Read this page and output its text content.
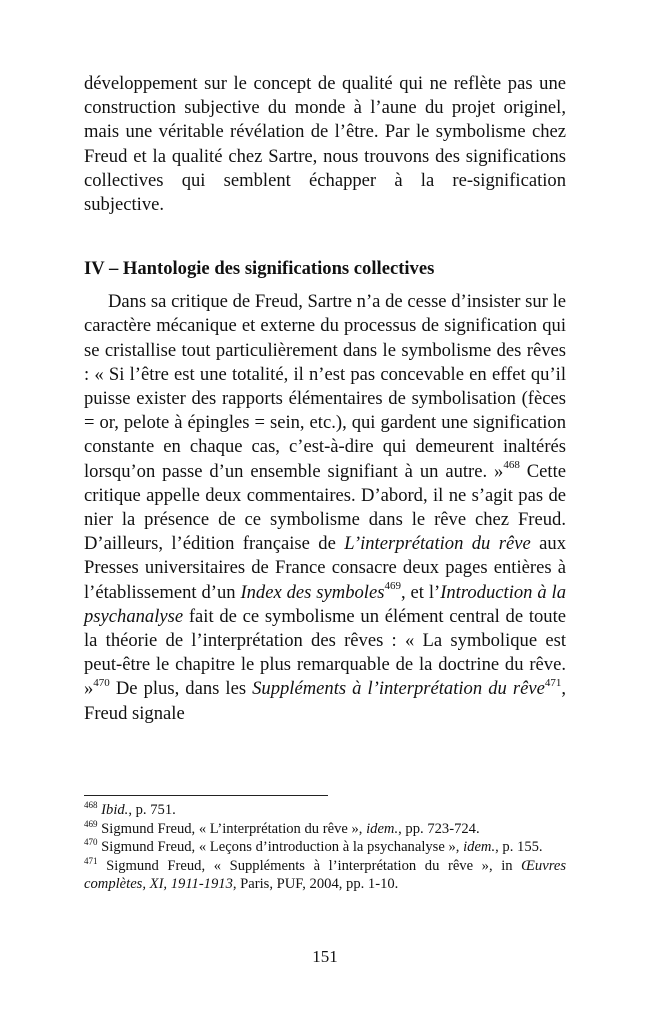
développement sur le concept de qualité qui ne reflète pas une construction subjective du monde à l’aune du projet originel, mais une véritable révélation de l’être. Par le symbolisme chez Freud et la qualité chez Sartre, nous trouvons des significations collectives qui semblent échapper à la re-signification subjective.

IV – Hantologie des significations collectives

Dans sa critique de Freud, Sartre n’a de cesse d’insister sur le caractère mécanique et externe du processus de signification qui se cristallise tout particulièrement dans le symbolisme des rêves : « Si l’être est une totalité, il n’est pas concevable en effet qu’il puisse exister des rapports élémentaires de symbolisation (fèces = or, pelote à épingles = sein, etc.), qui gardent une signification constante en chaque cas, c’est-à-dire qui demeurent inaltérés lorsqu’on passe d’un ensemble signifiant à un autre. »$^{468}$ Cette critique appelle deux commentaires. D’abord, il ne s’agit pas de nier la présence de ce symbolisme dans le rêve chez Freud. D’ailleurs, l’édition française de L’interprétation du rêve aux Presses universitaires de France consacre deux pages entières à l’établissement d’un Index des symboles$^{469}$, et l’Introduction à la psychanalyse fait de ce symbolisme un élément central de toute la théorie de l’interprétation des rêves : « La symbolique est peut-être le chapitre le plus remarquable de la doctrine du rêve. »$^{470}$ De plus, dans les Suppléments à l’interprétation du rêve$^{471}$, Freud signale

$^{468}$ Ibid., p. 751.

$^{469}$ Sigmund Freud, « L’interprétation du rêve », idem., pp. 723-724.

$^{470}$ Sigmund Freud, « Leçons d’introduction à la psychanalyse », idem., p. 155.

$^{471}$ Sigmund Freud, « Suppléments à l’interprétation du rêve », in Œuvres complètes, XI, 1911-1913, Paris, PUF, 2004, pp. 1-10.

151
